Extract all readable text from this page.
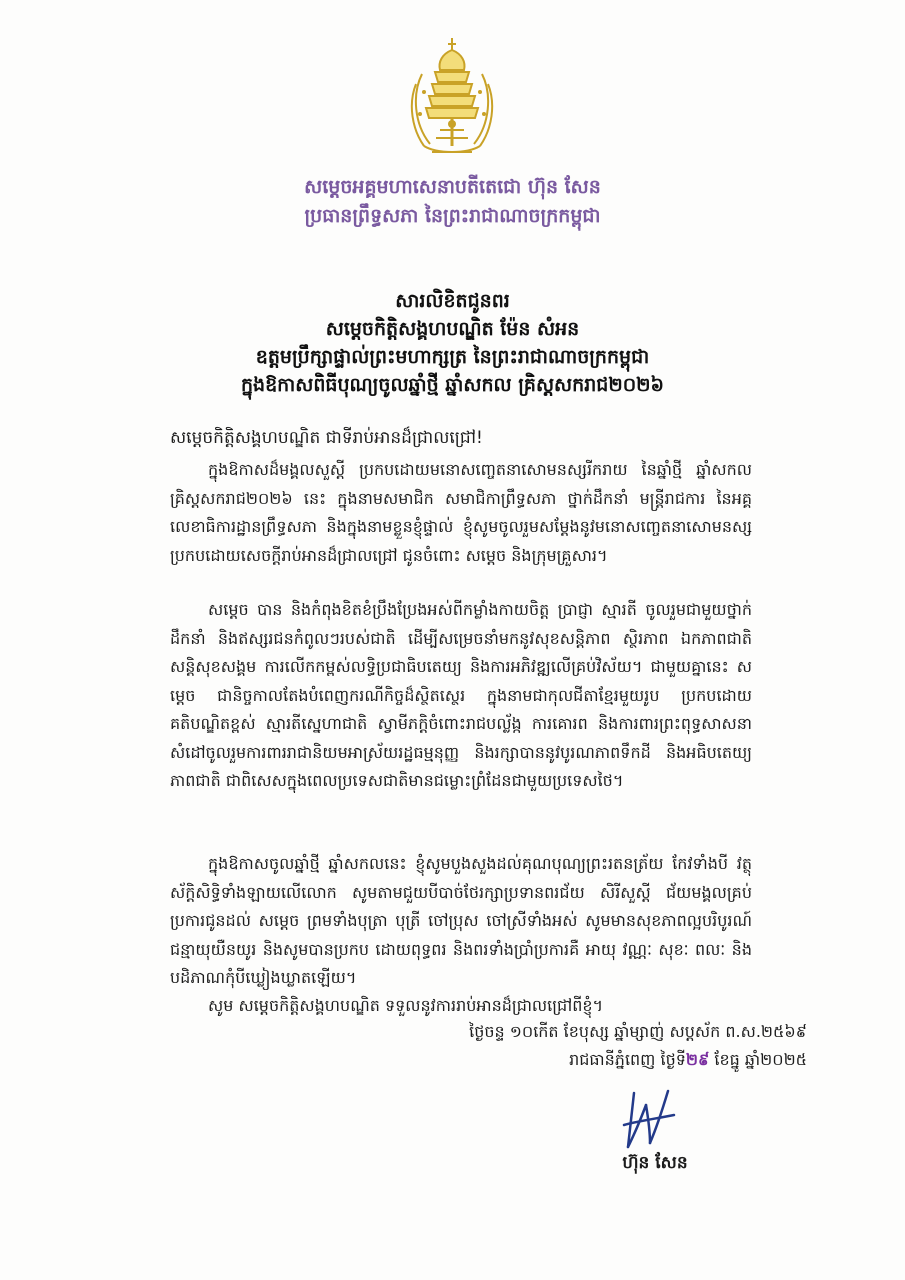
សម្តេចអគ្គមហាសេនាបតីតេជោ ហ៊ុន សែន
ប្រធានព្រឹទ្ធសភា នៃព្រះរាជាណាចក្រកម្ពុជា
សារលិខិតជូនពរ
សម្តេចកិត្តិសង្គហបណ្ឌិត ម៉ែន សំអន
ឧត្តមប្រឹក្សាផ្ទាល់ព្រះមហាក្សត្រ នៃព្រះរាជាណាចក្រកម្ពុជា
ក្នុងឱកាសពិធីបុណ្យចូលឆ្នាំថ្មី ឆ្នាំសកល គ្រិស្តសករាជ២០២៦
សម្តេចកិត្តិសង្គហបណ្ឌិត ជាទីរាប់អានដ៏ជ្រាលជ្រៅ!
ក្នុងឱកាសដ៏មង្គលសួស្តី ប្រកបដោយមនោសញ្ចេតនាសោមនស្សរីករាយ នៃឆ្នាំថ្មី ឆ្នាំសកល គ្រិស្តសករាជ២០២៦ នេះ ក្នុងនាមសមាជិក សមាជិកាព្រឹទ្ធសភា ថ្នាក់ដឹកនាំ មន្ត្រីរាជការ នៃអគ្គលេខាធិការដ្ឋានព្រឹទ្ធសភា និងក្នុងនាមខ្លួនខ្ញុំផ្ទាល់ ខ្ញុំសូមចូលរួមសម្តែងនូវមនោសញ្ចេតនាសោមនស្ស ប្រកបដោយសេចក្តីរាប់អានដ៏ជ្រាលជ្រៅ ជូនចំពោះ សម្តេច និងក្រុមគ្រួសារ។
សម្តេច បាន និងកំពុងខិតខំប្រឹងប្រែងអស់ពីកម្លាំងកាយចិត្ត ប្រាជ្ញា ស្មារតី ចូលរួមជាមួយថ្នាក់ដឹកនាំ និងឥស្សរជនកំពូលៗរបស់ជាតិ ដើម្បីសម្រេចនាំមកនូវសុខសន្តិភាព ស្ថិរភាព ឯកភាពជាតិ សន្តិសុខសង្គម ការលើកកម្ពស់លទ្ធិប្រជាធិបតេយ្យ និងការអភិវឌ្ឍលើគ្រប់វិស័យ។ ជាមួយគ្នានេះ សម្តេច ជានិច្ចកាលតែងបំពេញករណីកិច្ចដ៏ស្ថិតស្ថេរ ក្នុងនាមជាកុលជីតាខ្មែរមួយរូប ប្រកបដោយគតិបណ្ឌិតខ្ពស់ ស្មារតីស្នេហាជាតិ ស្វាមីភក្តិចំពោះរាជបល្ល័ង្ក ការគោរព និងការពារព្រះពុទ្ធសាសនា សំដៅចូលរួមការពាររាជានិយមអាស្រ័យរដ្ឋធម្មនុញ្ញ និងរក្សាបាននូវបូរណភាពទឹកដី និងអធិបតេយ្យភាពជាតិ ជាពិសេសក្នុងពេលប្រទេសជាតិមានជម្លោះព្រំដែនជាមួយប្រទេសថៃ។
ក្នុងឱកាសចូលឆ្នាំថ្មី ឆ្នាំសកលនេះ ខ្ញុំសូមបួងសួងដល់គុណបុណ្យព្រះរតនត្រ័យ កែវទាំងបី វត្ថុស័ក្តិសិទ្ធិទាំងឡាយលើលោក សូមតាមជួយបីបាច់ថែរក្សាប្រទានពរជ័យ សិរីសួស្តី ជ័យមង្គលគ្រប់ប្រការជូនដល់ សម្តេច ព្រមទាំងបុត្រា បុត្រី ចៅប្រុស ចៅស្រីទាំងអស់ សូមមានសុខភាពល្អបរិបូរណ៍ ជន្មាយុយឺនយូរ និងសូមបានប្រកប ដោយពុទ្ធពរ និងពរទាំងប្រាំប្រការគឺ អាយុ វណ្ណៈ សុខៈ ពលៈ និងបដិភាណកុំបីឃ្លៀងឃ្លាតឡើយ។
សូម សម្តេចកិត្តិសង្គហបណ្ឌិត ទទួលនូវការរាប់អានដ៏ជ្រាលជ្រៅពីខ្ញុំ។
ថ្ងៃចន្ទ ១០កើត ខែបុស្ស ឆ្នាំម្សាញ់ សប្តស័ក ព.ស.២៥៦៩
រាជធានីភ្នំពេញ ថ្ងៃទី២៩ ខែធ្នូ ឆ្នាំ២០២៥
ហ៊ុន សែន
